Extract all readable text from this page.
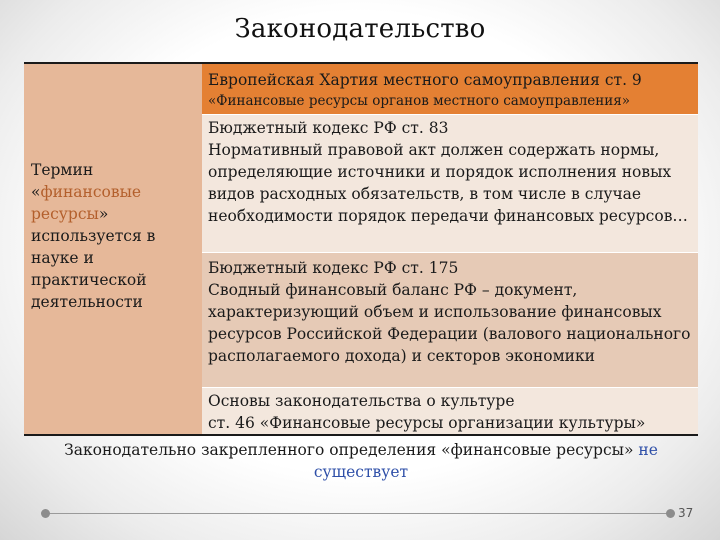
Законодательство
Термин
«финансовые ресурсы» используется в науке и практической деятельности
Европейская Хартия местного самоуправления ст. 9
«Финансовые ресурсы органов местного самоуправления»
Бюджетный кодекс РФ ст. 83
Нормативный правовой акт должен содержать нормы, определяющие источники и порядок исполнения новых видов расходных обязательств, в том числе в случае необходимости порядок передачи финансовых ресурсов…
Бюджетный кодекс РФ ст. 175
Сводный финансовый баланс РФ – документ, характеризующий объем и использование финансовых ресурсов Российской Федерации (валового национального располагаемого дохода) и секторов экономики
Основы законодательства о культуре
ст. 46 «Финансовые ресурсы организации культуры»
Законодательно закрепленного определения «финансовые ресурсы» не существует
37
